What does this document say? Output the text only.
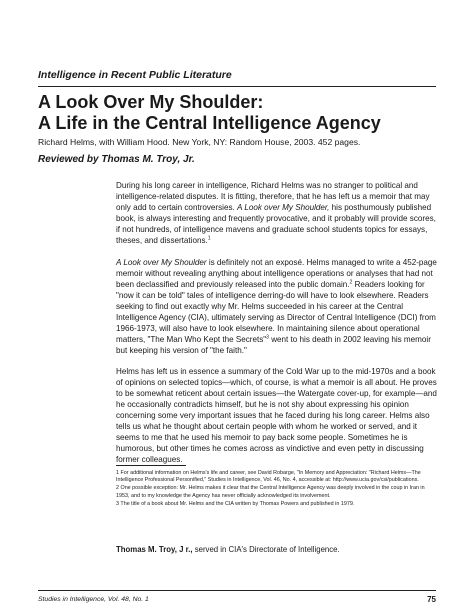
Intelligence in Recent Public Literature
A Look Over My Shoulder:
A Life in the Central Intelligence Agency
Richard Helms, with William Hood. New York, NY: Random House, 2003. 452 pages.
Reviewed by Thomas M. Troy, Jr.

During his long career in intelligence, Richard Helms was no stranger to political and intelligence-related disputes. It is fitting, therefore, that he has left us a memoir that may only add to certain controversies. A Look over My Shoulder, his posthumously published book, is always interesting and frequently provocative, and it probably will provide scores, if not hundreds, of intelligence mavens and graduate school students topics for essays, theses, and dissertations.$^1$

A Look over My Shoulder is definitely not an exposé. Helms managed to write a 452-page memoir without revealing anything about intelligence operations or analyses that had not been declassified and previously released into the public domain.$^2$ Readers looking for "now it can be told" tales of intelligence derring-do will have to look elsewhere. Readers seeking to find out exactly why Mr. Helms succeeded in his career at the Central Intelligence Agency (CIA), ultimately serving as Director of Central Intelligence (DCI) from 1966-1973, will also have to look elsewhere. In maintaining silence about operational matters, "The Man Who Kept the Secrets"$^3$ went to his death in 2002 leaving his memoir but keeping his version of "the faith."

Helms has left us in essence a summary of the Cold War up to the mid-1970s and a book of opinions on selected topics—which, of course, is what a memoir is all about. He proves to be somewhat reticent about certain issues—the Watergate cover-up, for example—and he occasionally contradicts himself, but he is not shy about expressing his opinion concerning some very important issues that he faced during his long career. Helms also tells us what he thought about certain people with whom he worked or served, and it seems to me that he used his memoir to pay back some people. Sometimes he is humorous, but other times he comes across as vindictive and even petty in discussing former colleagues.

1 For additional information on Helms's life and career, see David Robarge, "In Memory and Appreciation: "Richard Helms—The Intelligence Professional Personified," Studies in Intelligence, Vol. 46, No. 4, accessible at: http://www.ucia.gov/csi/publications.
2 One possible exception: Mr. Helms makes it clear that the Central Intelligence Agency was deeply involved in the coup in Iran in 1953, and to my knowledge the Agency has never officially acknowledged its involvement.
3 The title of a book about Mr. Helms and the CIA written by Thomas Powers and published in 1979.
Thomas M. Troy, J r., served in CIA's Directorate of Intelligence.
Studies in Intelligence, Vol. 48, No. 1	75
